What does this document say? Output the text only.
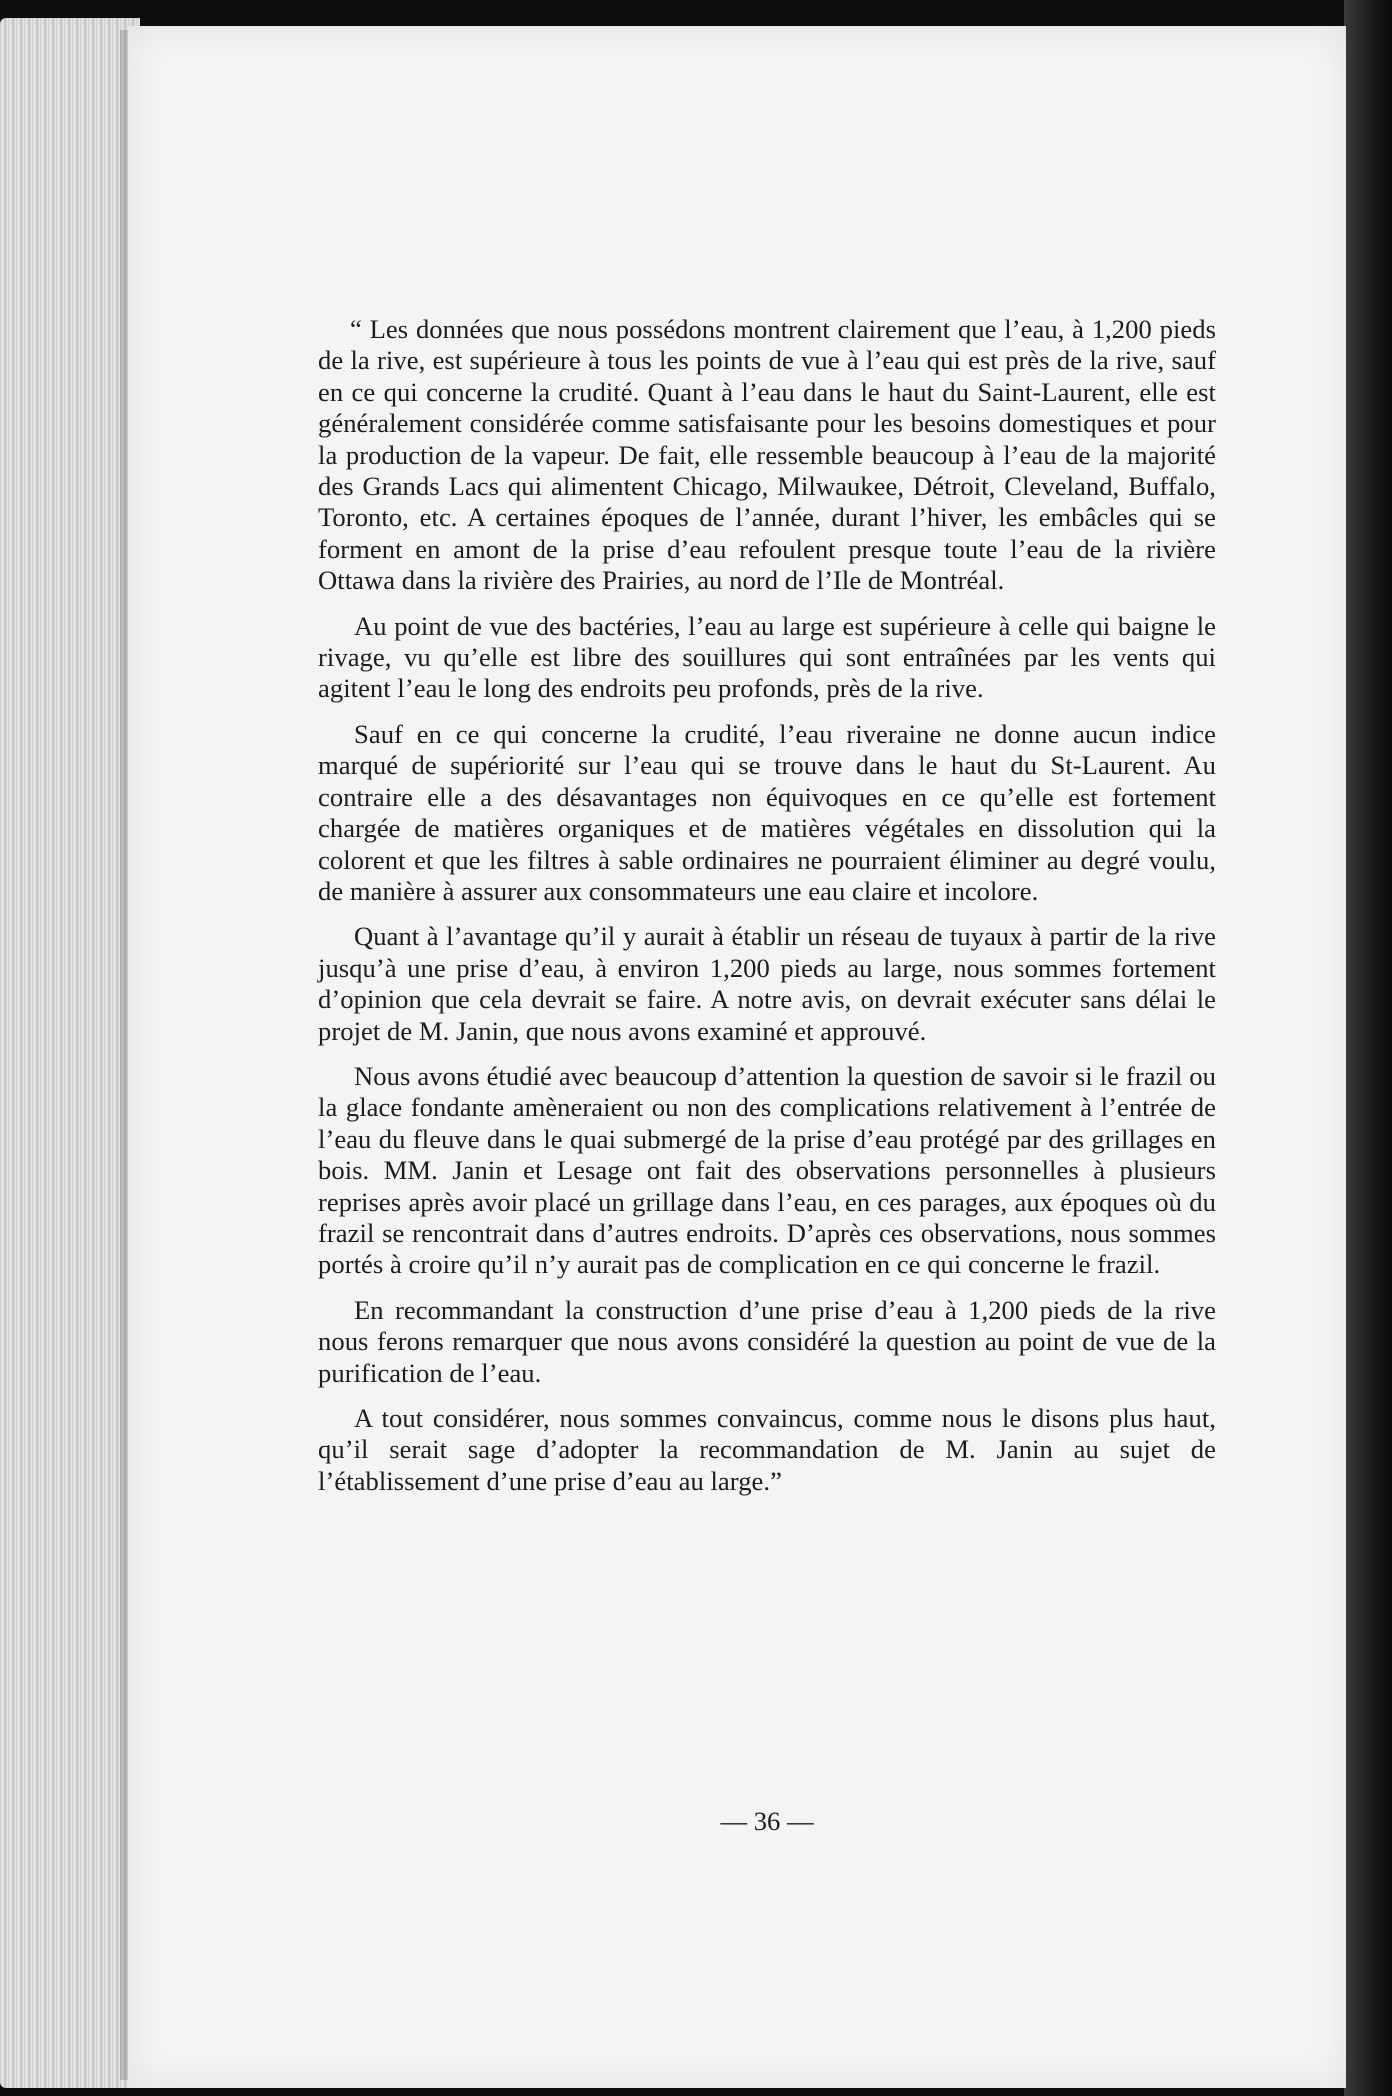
“ Les données que nous possédons montrent clairement que l’eau, à 1,200 pieds de la rive, est supérieure à tous les points de vue à l’eau qui est près de la rive, sauf en ce qui concerne la crudité. Quant à l’eau dans le haut du Saint-Laurent, elle est généralement considérée comme satisfaisante pour les besoins domestiques et pour la production de la vapeur. De fait, elle ressemble beaucoup à l’eau de la majorité des Grands Lacs qui alimentent Chicago, Milwaukee, Détroit, Cleveland, Buffalo, Toronto, etc. A certaines époques de l’année, durant l’hiver, les embâcles qui se forment en amont de la prise d’eau refoulent presque toute l’eau de la rivière Ottawa dans la rivière des Prairies, au nord de l’Ile de Montréal.

Au point de vue des bactéries, l’eau au large est supérieure à celle qui baigne le rivage, vu qu’elle est libre des souillures qui sont entraînées par les vents qui agitent l’eau le long des endroits peu profonds, près de la rive.

Sauf en ce qui concerne la crudité, l’eau riveraine ne donne aucun indice marqué de supériorité sur l’eau qui se trouve dans le haut du St-Laurent. Au contraire elle a des désavantages non équivoques en ce qu’elle est fortement chargée de matières organiques et de matières végétales en dissolution qui la colorent et que les filtres à sable ordinaires ne pourraient éliminer au degré voulu, de manière à assurer aux consommateurs une eau claire et incolore.

Quant à l’avantage qu’il y aurait à établir un réseau de tuyaux à partir de la rive jusqu’à une prise d’eau, à environ 1,200 pieds au large, nous sommes fortement d’opinion que cela devrait se faire. A notre avis, on devrait exécuter sans délai le projet de M. Janin, que nous avons examiné et approuvé.

Nous avons étudié avec beaucoup d’attention la question de savoir si le frazil ou la glace fondante amèneraient ou non des complications relativement à l’entrée de l’eau du fleuve dans le quai submergé de la prise d’eau protégé par des grillages en bois. MM. Janin et Lesage ont fait des observations personnelles à plusieurs reprises après avoir placé un grillage dans l’eau, en ces parages, aux époques où du frazil se rencontrait dans d’autres endroits. D’après ces observations, nous sommes portés à croire qu’il n’y aurait pas de complication en ce qui concerne le frazil.

En recommandant la construction d’une prise d’eau à 1,200 pieds de la rive nous ferons remarquer que nous avons considéré la question au point de vue de la purification de l’eau.

A tout considérer, nous sommes convaincus, comme nous le disons plus haut, qu’il serait sage d’adopter la recommandation de M. Janin au sujet de l’établissement d’une prise d’eau au large.”

— 36 —
